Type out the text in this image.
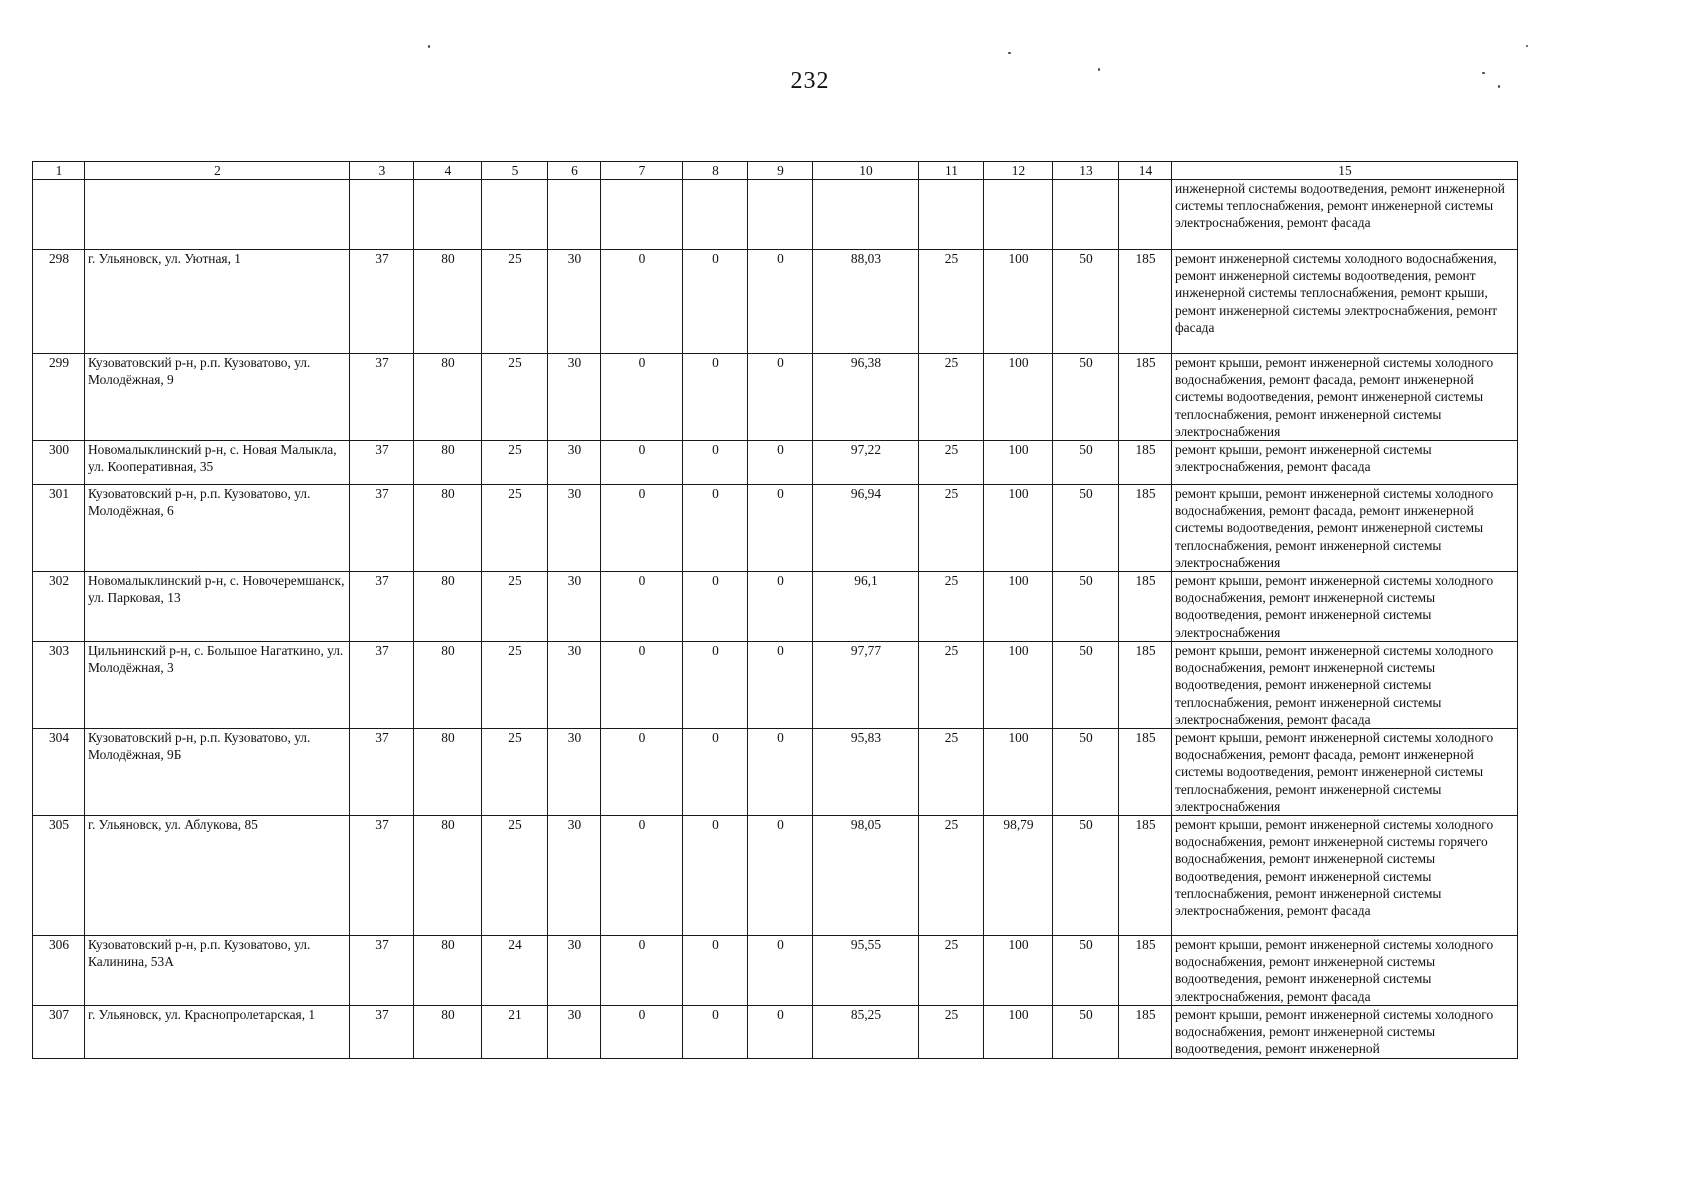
232
1	2	3	4	5	6	7	8	9	10	11	12	13	14	15
														инженерной системы водоотведения, ремонт инженерной системы теплоснабжения, ремонт инженерной системы электроснабжения, ремонт фасада
298	г. Ульяновск, ул. Уютная, 1	37	80	25	30	0	0	0	88,03	25	100	50	185	ремонт инженерной системы холодного водоснабжения, ремонт инженерной системы водоотведения, ремонт инженерной системы теплоснабжения, ремонт крыши, ремонт инженерной системы электроснабжения, ремонт фасада
299	Кузоватовский р-н, р.п. Кузоватово, ул. Молодёжная, 9	37	80	25	30	0	0	0	96,38	25	100	50	185	ремонт крыши, ремонт инженерной системы холодного водоснабжения, ремонт фасада, ремонт инженерной системы водоотведения, ремонт инженерной системы теплоснабжения, ремонт инженерной системы электроснабжения
300	Новомалыклинский р-н, с. Новая Малыкла, ул. Кооперативная, 35	37	80	25	30	0	0	0	97,22	25	100	50	185	ремонт крыши, ремонт инженерной системы электроснабжения, ремонт фасада
301	Кузоватовский р-н, р.п. Кузоватово, ул. Молодёжная, 6	37	80	25	30	0	0	0	96,94	25	100	50	185	ремонт крыши, ремонт инженерной системы холодного водоснабжения, ремонт фасада, ремонт инженерной системы водоотведения, ремонт инженерной системы теплоснабжения, ремонт инженерной системы электроснабжения
302	Новомалыклинский р-н, с. Новочеремшанск, ул. Парковая, 13	37	80	25	30	0	0	0	96,1	25	100	50	185	ремонт крыши, ремонт инженерной системы холодного водоснабжения, ремонт инженерной системы водоотведения, ремонт инженерной системы электроснабжения
303	Цильнинский р-н, с. Большое Нагаткино, ул. Молодёжная, 3	37	80	25	30	0	0	0	97,77	25	100	50	185	ремонт крыши, ремонт инженерной системы холодного водоснабжения, ремонт инженерной системы водоотведения, ремонт инженерной системы теплоснабжения, ремонт инженерной системы электроснабжения, ремонт фасада
304	Кузоватовский р-н, р.п. Кузоватово, ул. Молодёжная, 9Б	37	80	25	30	0	0	0	95,83	25	100	50	185	ремонт крыши, ремонт инженерной системы холодного водоснабжения, ремонт фасада, ремонт инженерной системы водоотведения, ремонт инженерной системы теплоснабжения, ремонт инженерной системы электроснабжения
305	г. Ульяновск, ул. Аблукова, 85	37	80	25	30	0	0	0	98,05	25	98,79	50	185	ремонт крыши, ремонт инженерной системы холодного водоснабжения, ремонт инженерной системы горячего водоснабжения, ремонт инженерной системы водоотведения, ремонт инженерной системы теплоснабжения, ремонт инженерной системы электроснабжения, ремонт фасада
306	Кузоватовский р-н, р.п. Кузоватово, ул. Калинина, 53А	37	80	24	30	0	0	0	95,55	25	100	50	185	ремонт крыши, ремонт инженерной системы холодного водоснабжения, ремонт инженерной системы водоотведения, ремонт инженерной системы электроснабжения, ремонт фасада
307	г. Ульяновск, ул. Краснопролетарская, 1	37	80	21	30	0	0	0	85,25	25	100	50	185	ремонт крыши, ремонт инженерной системы холодного водоснабжения, ремонт инженерной системы водоотведения, ремонт инженерной
